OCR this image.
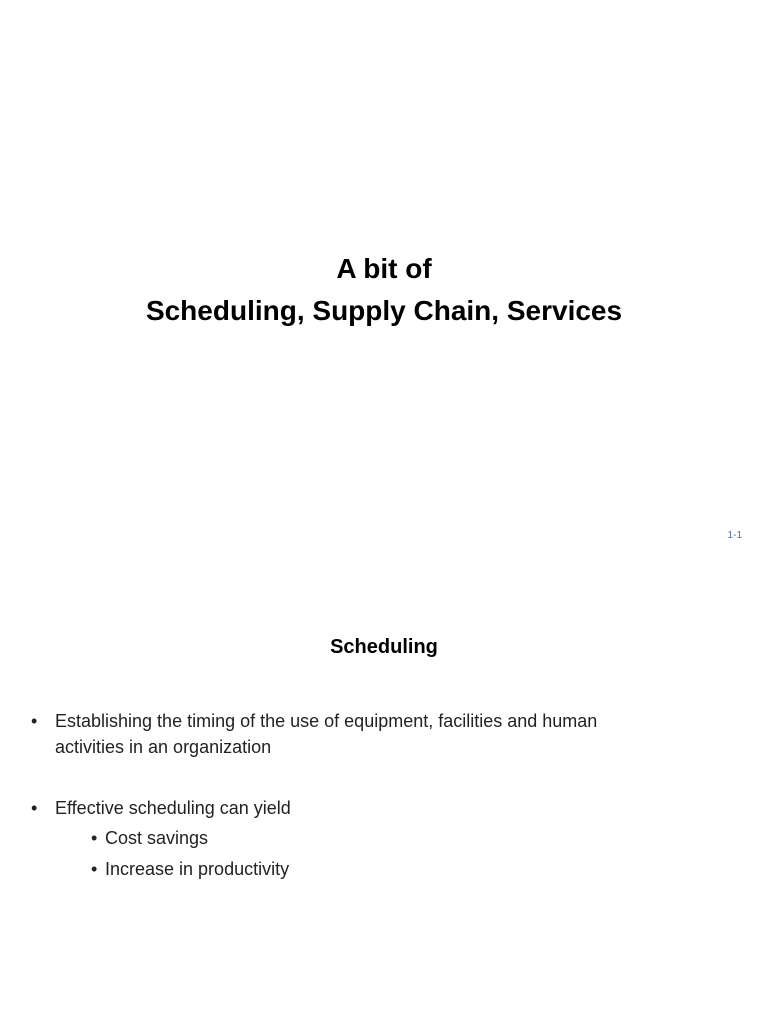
A bit of
Scheduling, Supply Chain, Services
1-1
Scheduling
• Establishing the timing of the use of equipment, facilities and human activities in an organization
• Effective scheduling can yield
• Cost savings
• Increase in productivity
